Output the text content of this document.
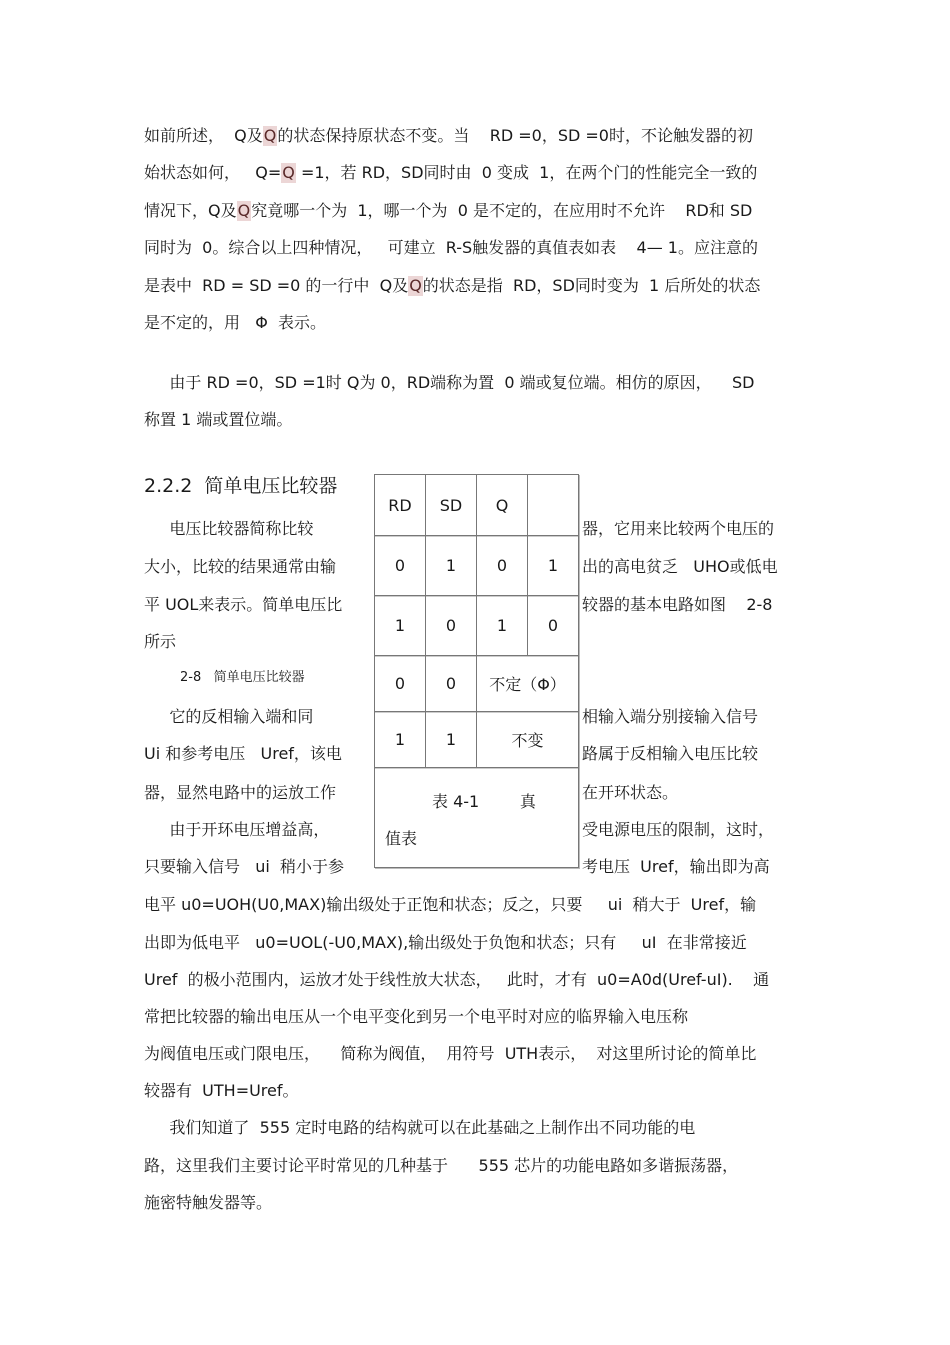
如前所述，  Q及Q的状态保持原状态不变。当    RD =0，SD =0时，不论触发器的初
始状态如何，   Q=Q =1，若 RD，SD同时由  0 变成  1，在两个门的性能完全一致的
情况下，Q及Q究竟哪一个为  1，哪一个为  0 是不定的，在应用时不允许    RD和 SD
同时为  0。综合以上四种情况，   可建立  R-S触发器的真值表如表    4— 1。应注意的
是表中  RD = SD =0 的一行中  Q及Q的状态是指  RD，SD同时变为  1 后所处的状态
是不定的，用   Φ  表示。
由于 RD =0，SD =1时 Q为 0，RD端称为置  0 端或复位端。相仿的原因，    SD
称置 1 端或置位端。
2.2.2  简单电压比较器
电压比较器简称比较
大小，比较的结果通常由输
平 UOL来表示。简单电压比
所示
2-8   简单电压比较器
它的反相输入端和同
Ui 和参考电压   Uref，该电
器，显然电路中的运放工作
由于开环电压增益高，
只要输入信号   ui  稍小于参
器，它用来比较两个电压的
出的高电贫乏   UHO或低电
较器的基本电路如图    2-8
相输入端分别接输入信号
路属于反相输入电压比较
在开环状态。
受电源电压的限制，这时，
考电压  Uref，输出即为高
RD	SD	Q
0	1	0	1
1	0	1	0
0	0	不定（Φ）
1	1	不变
表 4-1        真
值表
电平 u0=UOH(U0,MAX)输出级处于正饱和状态；反之，只要     ui  稍大于  Uref，输
出即为低电平   u0=UOL(-U0,MAX),输出级处于负饱和状态；只有     uI  在非常接近
Uref  的极小范围内，运放才处于线性放大状态，   此时，才有  u0=A0d(Uref-uI).    通
常把比较器的输出电压从一个电平变化到另一个电平时对应的临界输入电压称
为阀值电压或门限电压，    简称为阀值，  用符号  UTH表示，  对这里所讨论的简单比
较器有  UTH=Uref。
我们知道了  555 定时电路的结构就可以在此基础之上制作出不同功能的电
路，这里我们主要讨论平时常见的几种基于      555 芯片的功能电路如多谐振荡器，
施密特触发器等。
